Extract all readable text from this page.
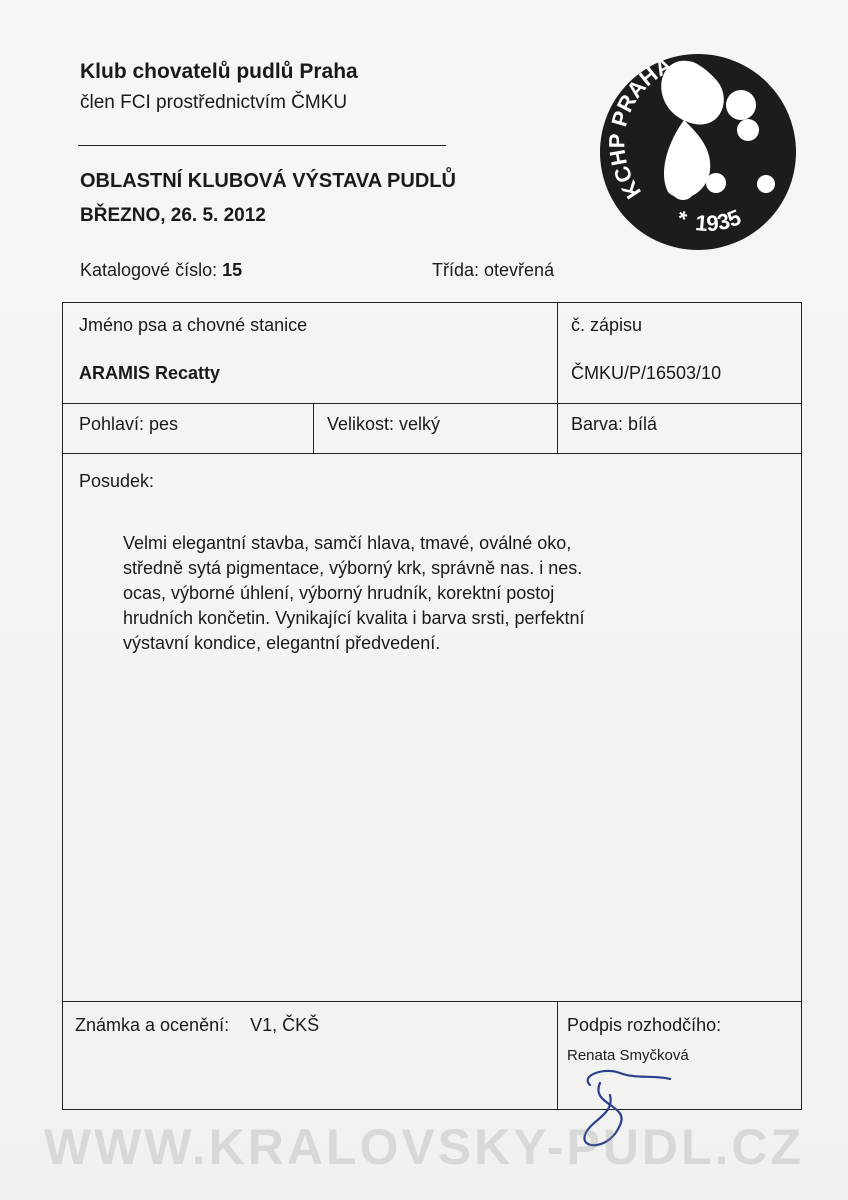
Klub chovatelů pudlů Praha
člen FCI prostřednictvím ČMKU
OBLASTNÍ KLUBOVÁ VÝSTAVA PUDLŮ
BŘEZNO, 26. 5. 2012
Katalogové číslo: 15	Třída: otevřená
KCHP PRAHA
* 1935
Jméno psa a chovné stanice
ARAMIS Recatty
č. zápisu
ČMKU/P/16503/10
Pohlaví: pes	Velikost: velký	Barva: bílá
Posudek:
Velmi elegantní stavba, samčí hlava, tmavé, oválné oko,
středně sytá pigmentace, výborný krk, správně nas. i nes.
ocas, výborné úhlení, výborný hrudník, korektní postoj
hrudních končetin. Vynikající kvalita i barva srsti, perfektní
výstavní kondice, elegantní předvedení.
Známka a ocenění: V1, ČKŠ	Podpis rozhodčího:
Renata Smyčková
WWW.KRALOVSKY-PUDL.CZ
